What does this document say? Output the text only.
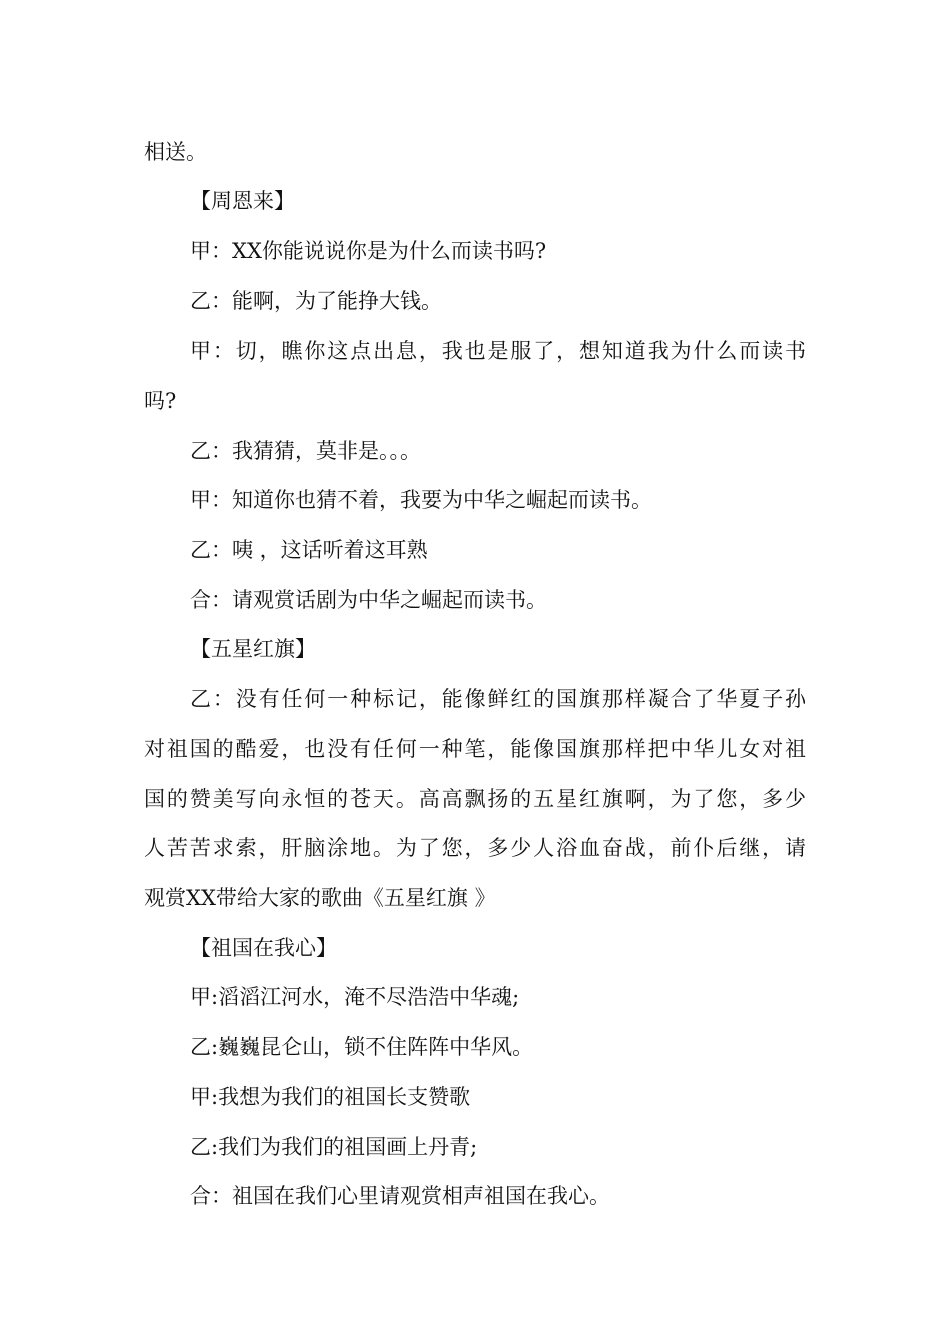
相送。
【周恩来】
甲：XX你能说说你是为什么而读书吗?
乙：能啊，为了能挣大钱。
甲：切，瞧你这点出息，我也是服了，想知道我为什么而读书
吗?
乙：我猜猜，莫非是。。。
甲：知道你也猜不着，我要为中华之崛起而读书。
乙：咦 ，这话听着这耳熟
合：请观赏话剧为中华之崛起而读书。
【五星红旗】
乙：没有任何一种标记，能像鲜红的国旗那样凝合了华夏子孙
对祖国的酷爱，也没有任何一种笔，能像国旗那样把中华儿女对祖
国的赞美写向永恒的苍天。高高飘扬的五星红旗啊，为了您，多少
人苦苦求索，肝脑涂地。为了您，多少人浴血奋战，前仆后继，请
观赏XX带给大家的歌曲《五星红旗 》
【祖国在我心】
甲:滔滔江河水，淹不尽浩浩中华魂;
乙:巍巍昆仑山，锁不住阵阵中华风。
甲:我想为我们的祖国长支赞歌
乙:我们为我们的祖国画上丹青;
合：祖国在我们心里请观赏相声祖国在我心。
